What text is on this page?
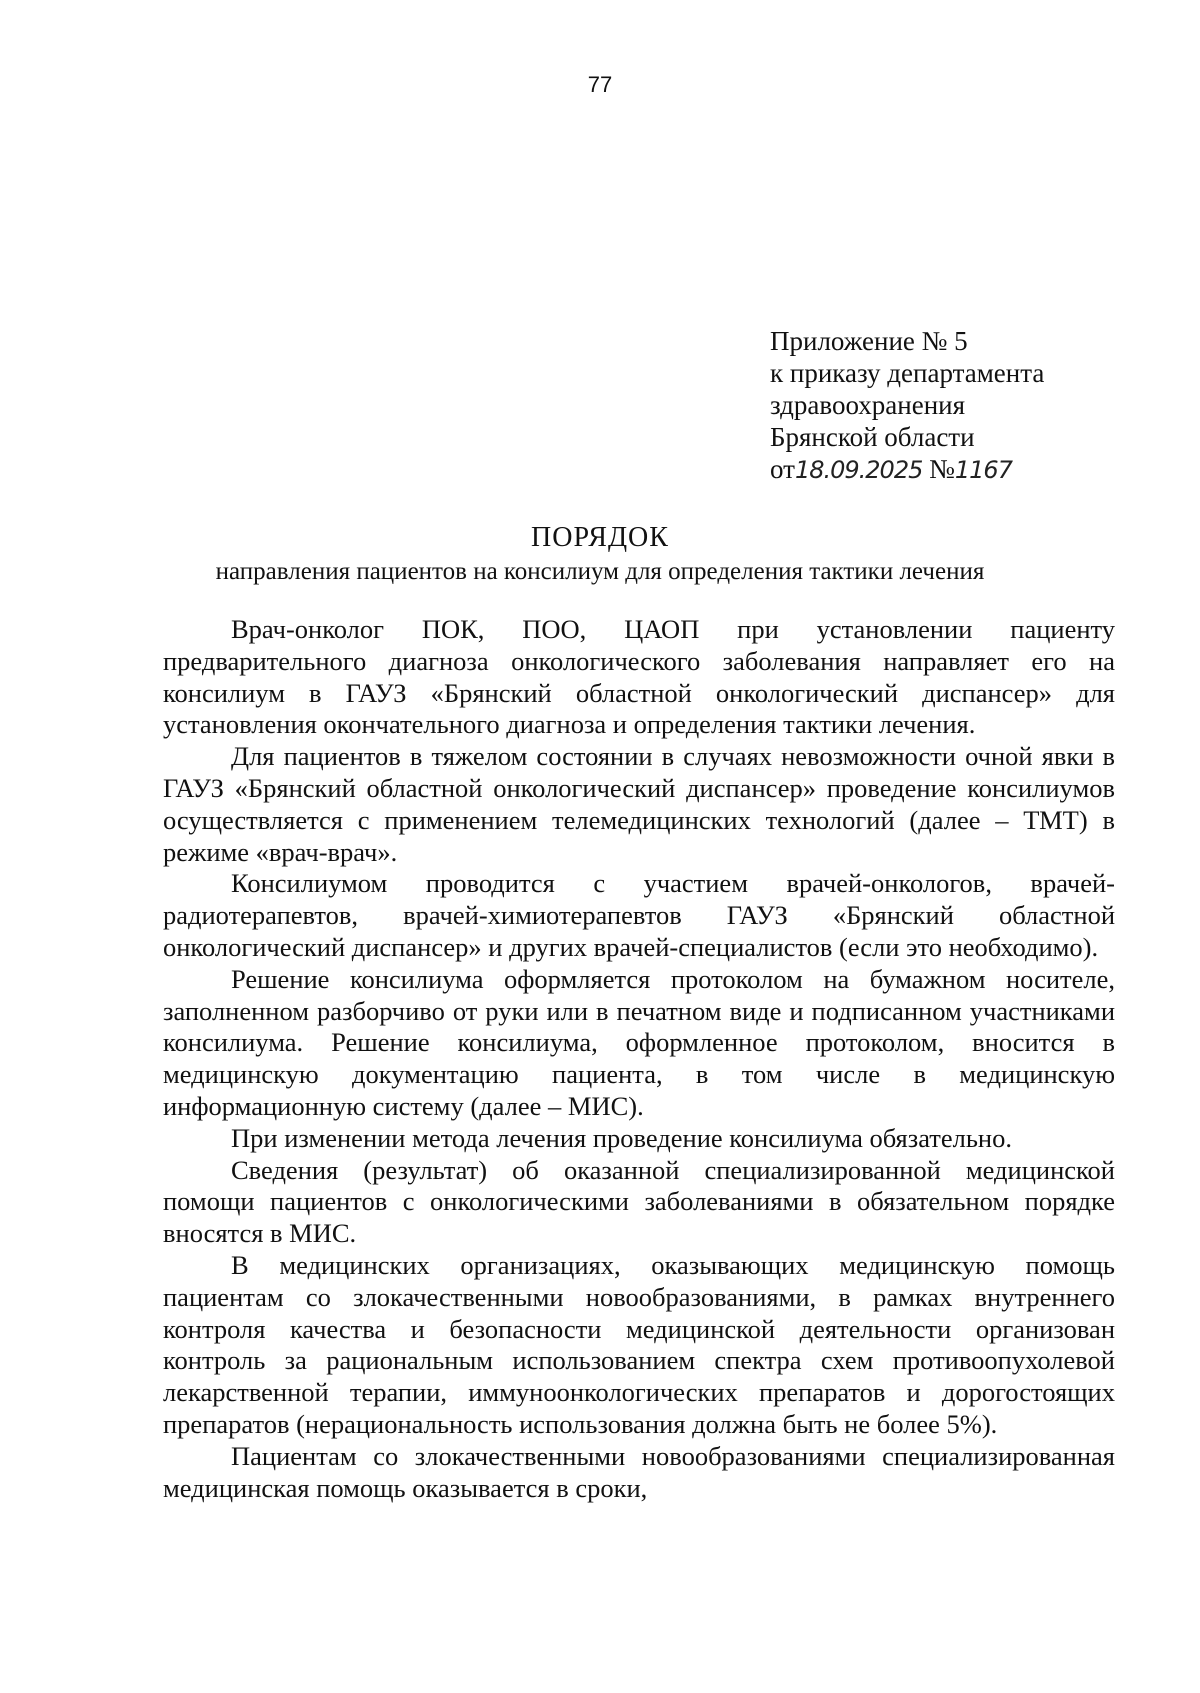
77
Приложение № 5
к приказу департамента
здравоохранения
Брянской области
от18.09.2025 №1167
ПОРЯДОК
направления пациентов на консилиум для определения тактики лечения

Врач-онколог ПОК, ПОО, ЦАОП при установлении пациенту предварительного диагноза онкологического заболевания направляет его на консилиум в ГАУЗ «Брянский областной онкологический диспансер» для установления окончательного диагноза и определения тактики лечения.

Для пациентов в тяжелом состоянии в случаях невозможности очной явки в ГАУЗ «Брянский областной онкологический диспансер» проведение консилиумов осуществляется с применением телемедицинских технологий (далее – ТМТ) в режиме «врач-врач».

Консилиумом проводится с участием врачей-онкологов, врачей-радиотерапевтов, врачей-химиотерапевтов ГАУЗ «Брянский областной онкологический диспансер» и других врачей-специалистов (если это необходимо).

Решение консилиума оформляется протоколом на бумажном носителе, заполненном разборчиво от руки или в печатном виде и подписанном участниками консилиума. Решение консилиума, оформленное протоколом, вносится в медицинскую документацию пациента, в том числе в медицинскую информационную систему (далее – МИС).

При изменении метода лечения проведение консилиума обязательно.

Сведения (результат) об оказанной специализированной медицинской помощи пациентов с онкологическими заболеваниями в обязательном порядке вносятся в МИС.

В медицинских организациях, оказывающих медицинскую помощь пациентам со злокачественными новообразованиями, в рамках внутреннего контроля качества и безопасности медицинской деятельности организован контроль за рациональным использованием спектра схем противоопухолевой лекарственной терапии, иммуноонкологических препаратов и дорогостоящих препаратов (нерациональность использования должна быть не более 5%).

Пациентам со злокачественными новообразованиями специализированная медицинская помощь оказывается в сроки,
